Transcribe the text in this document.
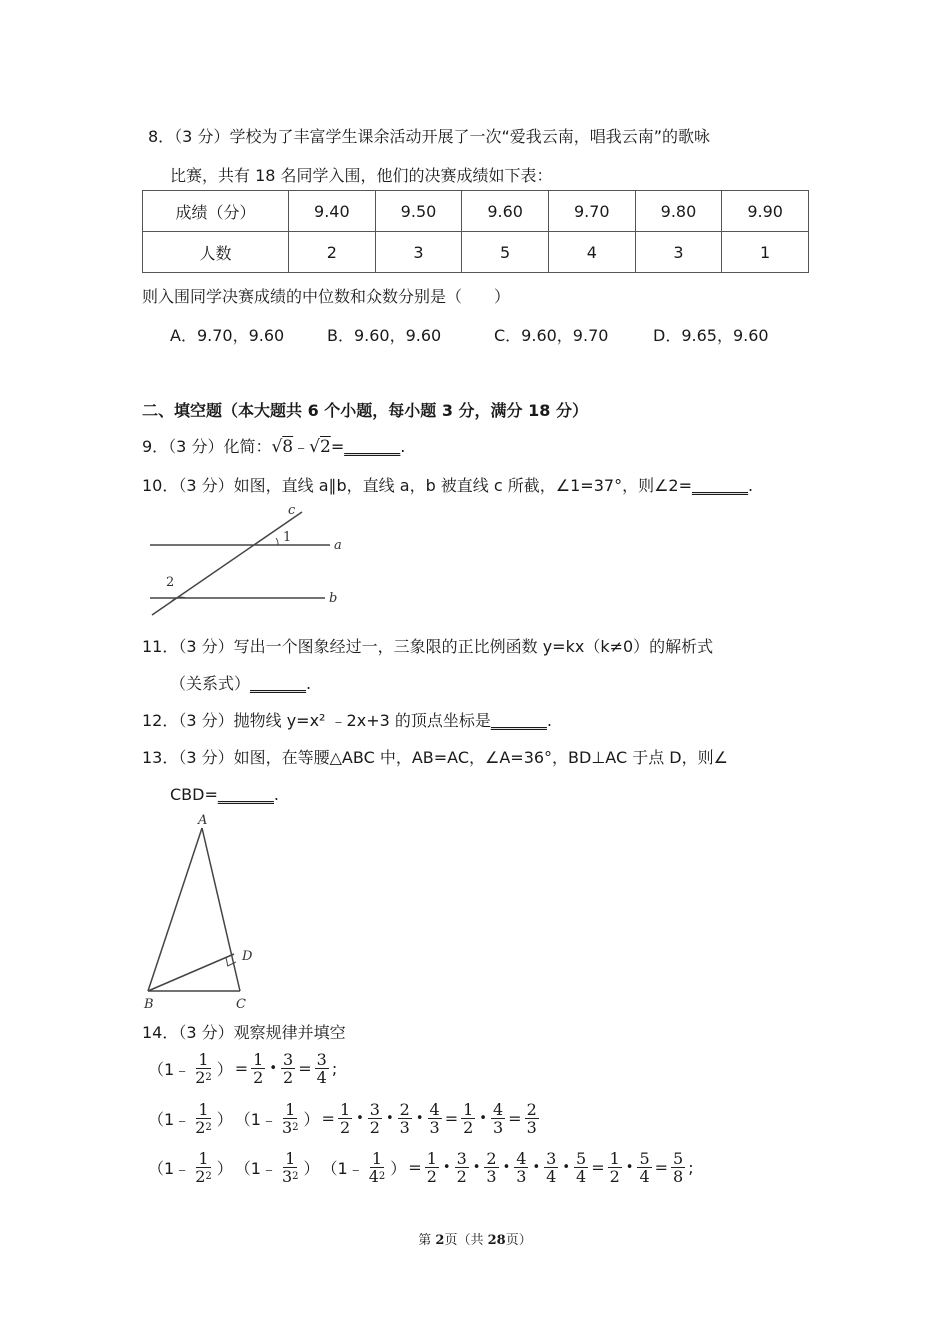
8．（3 分）学校为了丰富学生课余活动开展了一次“爱我云南，唱我云南”的歌咏
比赛，共有 18 名同学入围，他们的决赛成绩如下表：
成绩（分）	9.40	9.50	9.60	9.70	9.80	9.90
人数	2	3	5	4	3	1
则入围同学决赛成绩的中位数和众数分别是（　　）
A．9.70，9.60	B．9.60，9.60	C．9.60，9.70	D．9.65，9.60
二、填空题（本大题共 6 个小题，每小题 3 分，满分 18 分）
9．（3 分）化简：√8﹣√2=_______.
10．（3 分）如图，直线 a∥b，直线 a，b 被直线 c 所截，∠1=37°，则∠2=_______.
c
1
a
2
b
11．（3 分）写出一个图象经过一，三象限的正比例函数 y=kx（k≠0）的解析式
（关系式）_______.
12．（3 分）抛物线 y=x² ﹣2x+3 的顶点坐标是_______.
13．（3 分）如图，在等腰△ABC 中，AB=AC，∠A=36°，BD⊥AC 于点 D，则∠
CBD=_______.
A
D
B	C
14．（3 分）观察规律并填空
（1﹣ $\frac{1}{2^2}$ ） = $\frac{1}{2}$ • $\frac{3}{2} = \frac{3}{4}$ ;
（1﹣ $\frac{1}{2^2}$ ） （1﹣ $\frac{1}{3^2}$ ） = $\frac{1}{2}$ • $\frac{3}{2}$ • $\frac{2}{3}$ • $\frac{4}{3} = \frac{1}{2}$ • $\frac{4}{3} = \frac{2}{3}$
（1﹣ $\frac{1}{2^2}$ ） （1﹣ $\frac{1}{3^2}$ ） （1﹣ $\frac{1}{4^2}$ ） = $\frac{1}{2}$ • $\frac{3}{2}$ • $\frac{2}{3}$ • $\frac{4}{3}$ • $\frac{3}{4}$ • $\frac{5}{4} = \frac{1}{2}$ • $\frac{5}{4} = \frac{5}{8}$ ;
第 2页（共 28页）
